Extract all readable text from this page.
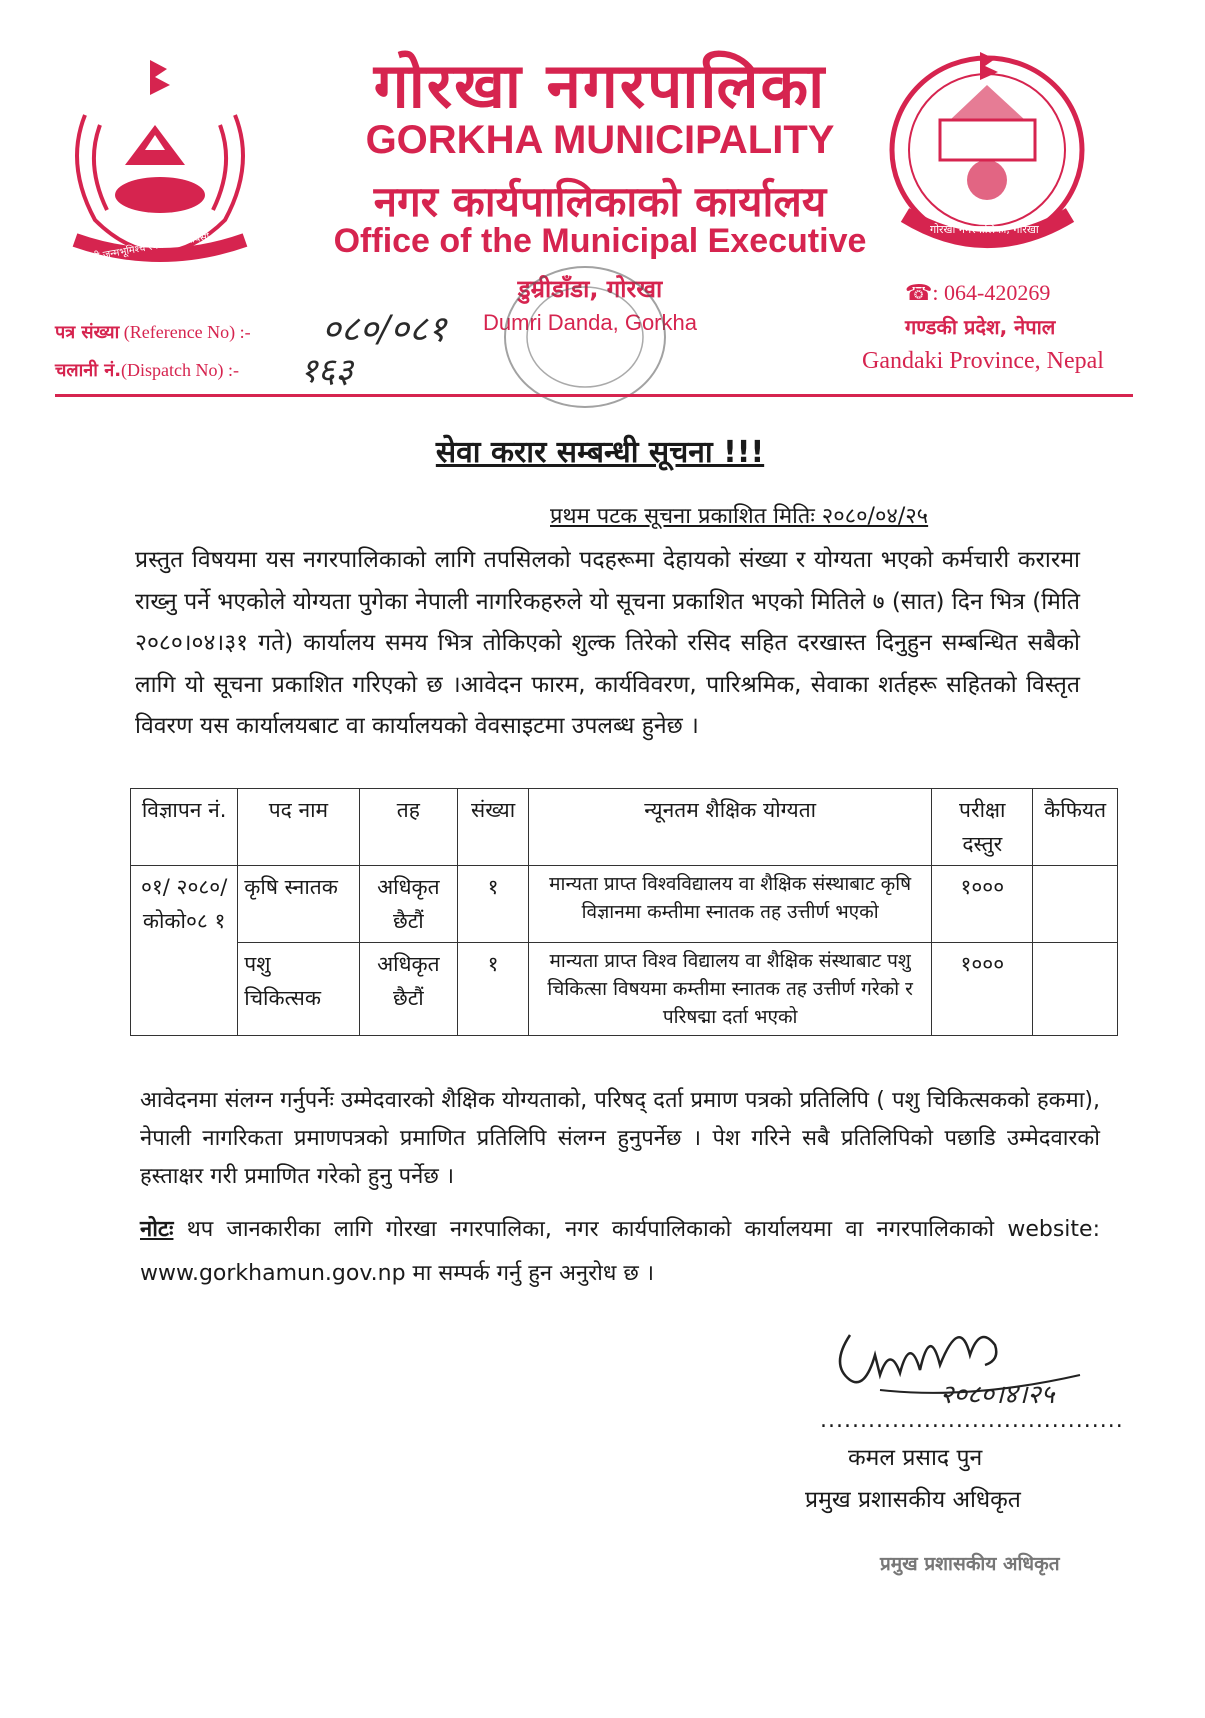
जननी जन्मभूमिश्च स्वर्गादपि गरीयसी
गोरखा नगरपालिका, गोरखा
गोरखा नगरपालिका
GORKHA MUNICIPALITY
नगर कार्यपालिकाको कार्यालय
Office of the Municipal Executive
डुम्रीडाँडा, गोरखा
Dumri Danda, Gorkha
☎: 064-420269
गण्डकी प्रदेश, नेपाल
Gandaki Province, Nepal
पत्र संख्या (Reference No) :- ०८०/०८१
चलानी नं.(Dispatch No) :- १६३
सेवा करार सम्बन्धी सूचना !!!
प्रथम पटक सूचना प्रकाशित मितिः २०८०/०४/२५
प्रस्तुत विषयमा यस नगरपालिकाको लागि तपसिलको पदहरूमा देहायको संख्या र योग्यता भएको कर्मचारी करारमा राख्नु पर्ने भएकोले योग्यता पुगेका नेपाली नागरिकहरुले यो सूचना प्रकाशित भएको मितिले ७ (सात) दिन भित्र (मिति २०८०।०४।३१ गते) कार्यालय समय भित्र तोकिएको शुल्क तिरेको रसिद सहित दरखास्त दिनुहुन सम्बन्धित सबैको लागि यो सूचना प्रकाशित गरिएको छ ।आवेदन फारम, कार्यविवरण, पारिश्रमिक, सेवाका शर्तहरू सहितको विस्तृत विवरण यस कार्यालयबाट वा कार्यालयको वेवसाइटमा उपलब्ध हुनेछ ।
विज्ञापन नं.	पद नाम	तह	संख्या	न्यूनतम शैक्षिक योग्यता	परीक्षा दस्तुर	कैफियत
०१/ २०८०/ कोको०८ १	कृषि स्नातक	अधिकृत छैटौं	१	मान्यता प्राप्त विश्वविद्यालय वा शैक्षिक संस्थाबाट कृषि विज्ञानमा कम्तीमा स्नातक तह उत्तीर्ण भएको	१०००	
	पशु चिकित्सक	अधिकृत छैटौं	१	मान्यता प्राप्त विश्व विद्यालय वा शैक्षिक संस्थाबाट पशु चिकित्सा विषयमा कम्तीमा स्नातक तह उत्तीर्ण गरेको र परिषद्मा दर्ता भएको	१०००	
आवेदनमा संलग्न गर्नुपर्नेः उम्मेदवारको शैक्षिक योग्यताको, परिषद् दर्ता प्रमाण पत्रको प्रतिलिपि ( पशु चिकित्सकको हकमा), नेपाली नागरिकता प्रमाणपत्रको प्रमाणित प्रतिलिपि संलग्न हुनुपर्नेछ । पेश गरिने सबै प्रतिलिपिको पछाडि उम्मेदवारको हस्ताक्षर गरी प्रमाणित गरेको हुनु पर्नेछ ।
नोटः थप जानकारीका लागि गोरखा नगरपालिका, नगर कार्यपालिकाको कार्यालयमा वा नगरपालिकाको website: www.gorkhamun.gov.np मा सम्पर्क गर्नु हुन अनुरोध छ ।
२०८०।४।२५
......................................
कमल प्रसाद पुन
प्रमुख प्रशासकीय अधिकृत
प्रमुख प्रशासकीय अधिकृत
